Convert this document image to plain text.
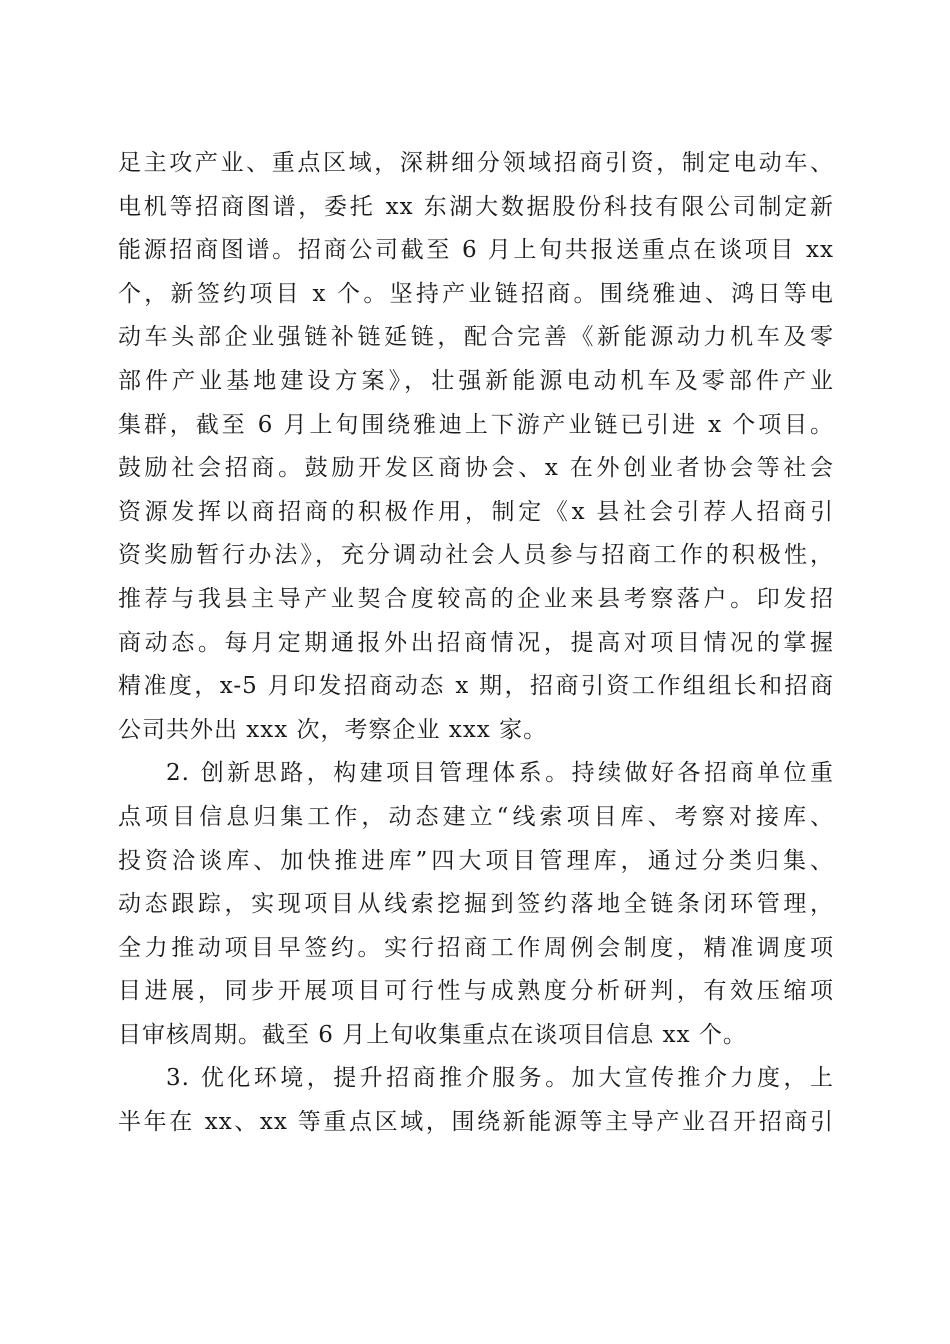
足主攻产业、重点区域，深耕细分领域招商引资，制定电动车、
电机等招商图谱，委托 xx 东湖大数据股份科技有限公司制定新
能源招商图谱。招商公司截至 6 月上旬共报送重点在谈项目 xx
个，新签约项目 x 个。坚持产业链招商。围绕雅迪、鸿日等电
动车头部企业强链补链延链，配合完善《新能源动力机车及零
部件产业基地建设方案》，壮强新能源电动机车及零部件产业
集群，截至 6 月上旬围绕雅迪上下游产业链已引进 x 个项目。
鼓励社会招商。鼓励开发区商协会、x 在外创业者协会等社会
资源发挥以商招商的积极作用，制定《x 县社会引荐人招商引
资奖励暂行办法》，充分调动社会人员参与招商工作的积极性，
推荐与我县主导产业契合度较高的企业来县考察落户。印发招
商动态。每月定期通报外出招商情况，提高对项目情况的掌握
精准度，x-5 月印发招商动态 x 期，招商引资工作组组长和招商
公司共外出 xxx 次，考察企业 xxx 家。
2. 创新思路，构建项目管理体系。持续做好各招商单位重
点项目信息归集工作，动态建立“线索项目库、考察对接库、
投资洽谈库、加快推进库”四大项目管理库，通过分类归集、
动态跟踪，实现项目从线索挖掘到签约落地全链条闭环管理，
全力推动项目早签约。实行招商工作周例会制度，精准调度项
目进展，同步开展项目可行性与成熟度分析研判，有效压缩项
目审核周期。截至 6 月上旬收集重点在谈项目信息 xx 个。
3. 优化环境，提升招商推介服务。加大宣传推介力度，上
半年在 xx、xx 等重点区域，围绕新能源等主导产业召开招商引
